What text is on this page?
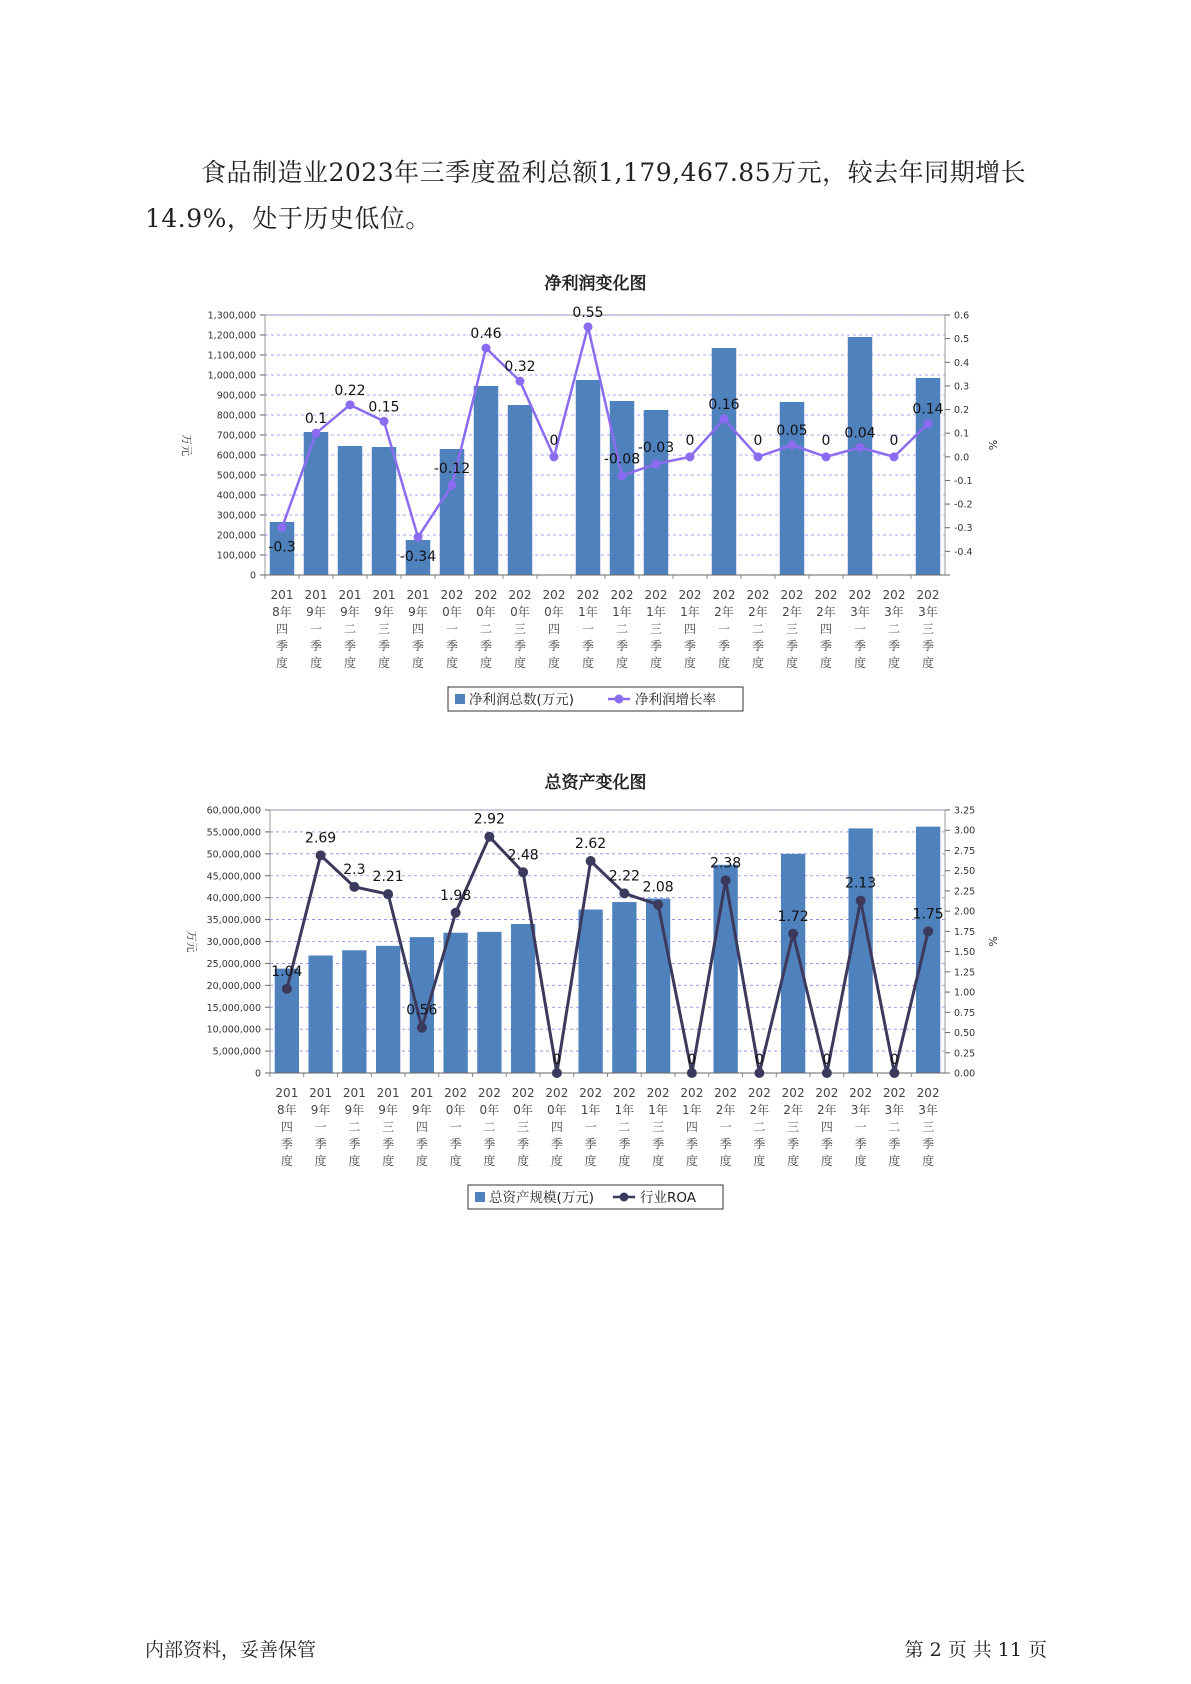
食品制造业2023年三季度盈利总额1,179,467.85万元，较去年同期增长14.9%，处于历史低位。
净利润变化图
0
100,000
200,000
300,000
400,000
500,000
600,000
700,000
800,000
900,000
1,000,000
1,100,000
1,200,000
1,300,000
-0.4
-0.3
-0.2
-0.1
0.0
0.1
0.2
0.3
0.4
0.5
0.6
万元	%
201
8年
四
季
度
201
9年
一
季
度
201
9年
二
季
度
201
9年
三
季
度
201
9年
四
季
度
202
0年
一
季
度
202
0年
二
季
度
202
0年
三
季
度
202
0年
四
季
度
202
1年
一
季
度
202
1年
二
季
度
202
1年
三
季
度
202
1年
四
季
度
202
2年
一
季
度
202
2年
二
季
度
202
2年
三
季
度
202
2年
四
季
度
202
3年
一
季
度
202
3年
二
季
度
202
3年
三
季
度
-0.3
0.1
0.22
0.15
-0.34
-0.12
0.46
0.32
0
0.55
-0.08
-0.03 0
0.16
0
0.05
0 0.04 0
0.14
净利润总数(万元)	净利润增长率
总资产变化图
0
5,000,000
10,000,000
15,000,000
20,000,000
25,000,000
30,000,000
35,000,000
40,000,000
45,000,000
50,000,000
55,000,000
60,000,000
0.00
0.25
0.50
0.75
1.00
1.25
1.50
1.75
2.00
2.25
2.50
2.75
3.00
3.25
万元	%
201
8年
四
季
度
201
9年
一
季
度
201
9年
二
季
度
201
9年
三
季
度
201
9年
四
季
度
202
0年
一
季
度
202
0年
二
季
度
202
0年
三
季
度
202
0年
四
季
度
202
1年
一
季
度
202
1年
二
季
度
202
1年
三
季
度
202
1年
四
季
度
202
2年
一
季
度
202
2年
二
季
度
202
2年
三
季
度
202
2年
四
季
度
202
3年
一
季
度
202
3年
二
季
度
202
3年
三
季
度
1.04
2.69
2.3 2.21
0.56
1.98
2.92
2.48
0
2.62
2.22
2.08
0
2.38
0
1.72
0
2.13
0
1.75
总资产规模(万元)	行业ROA
内部资料，妥善保管	第 2 页 共 11 页
